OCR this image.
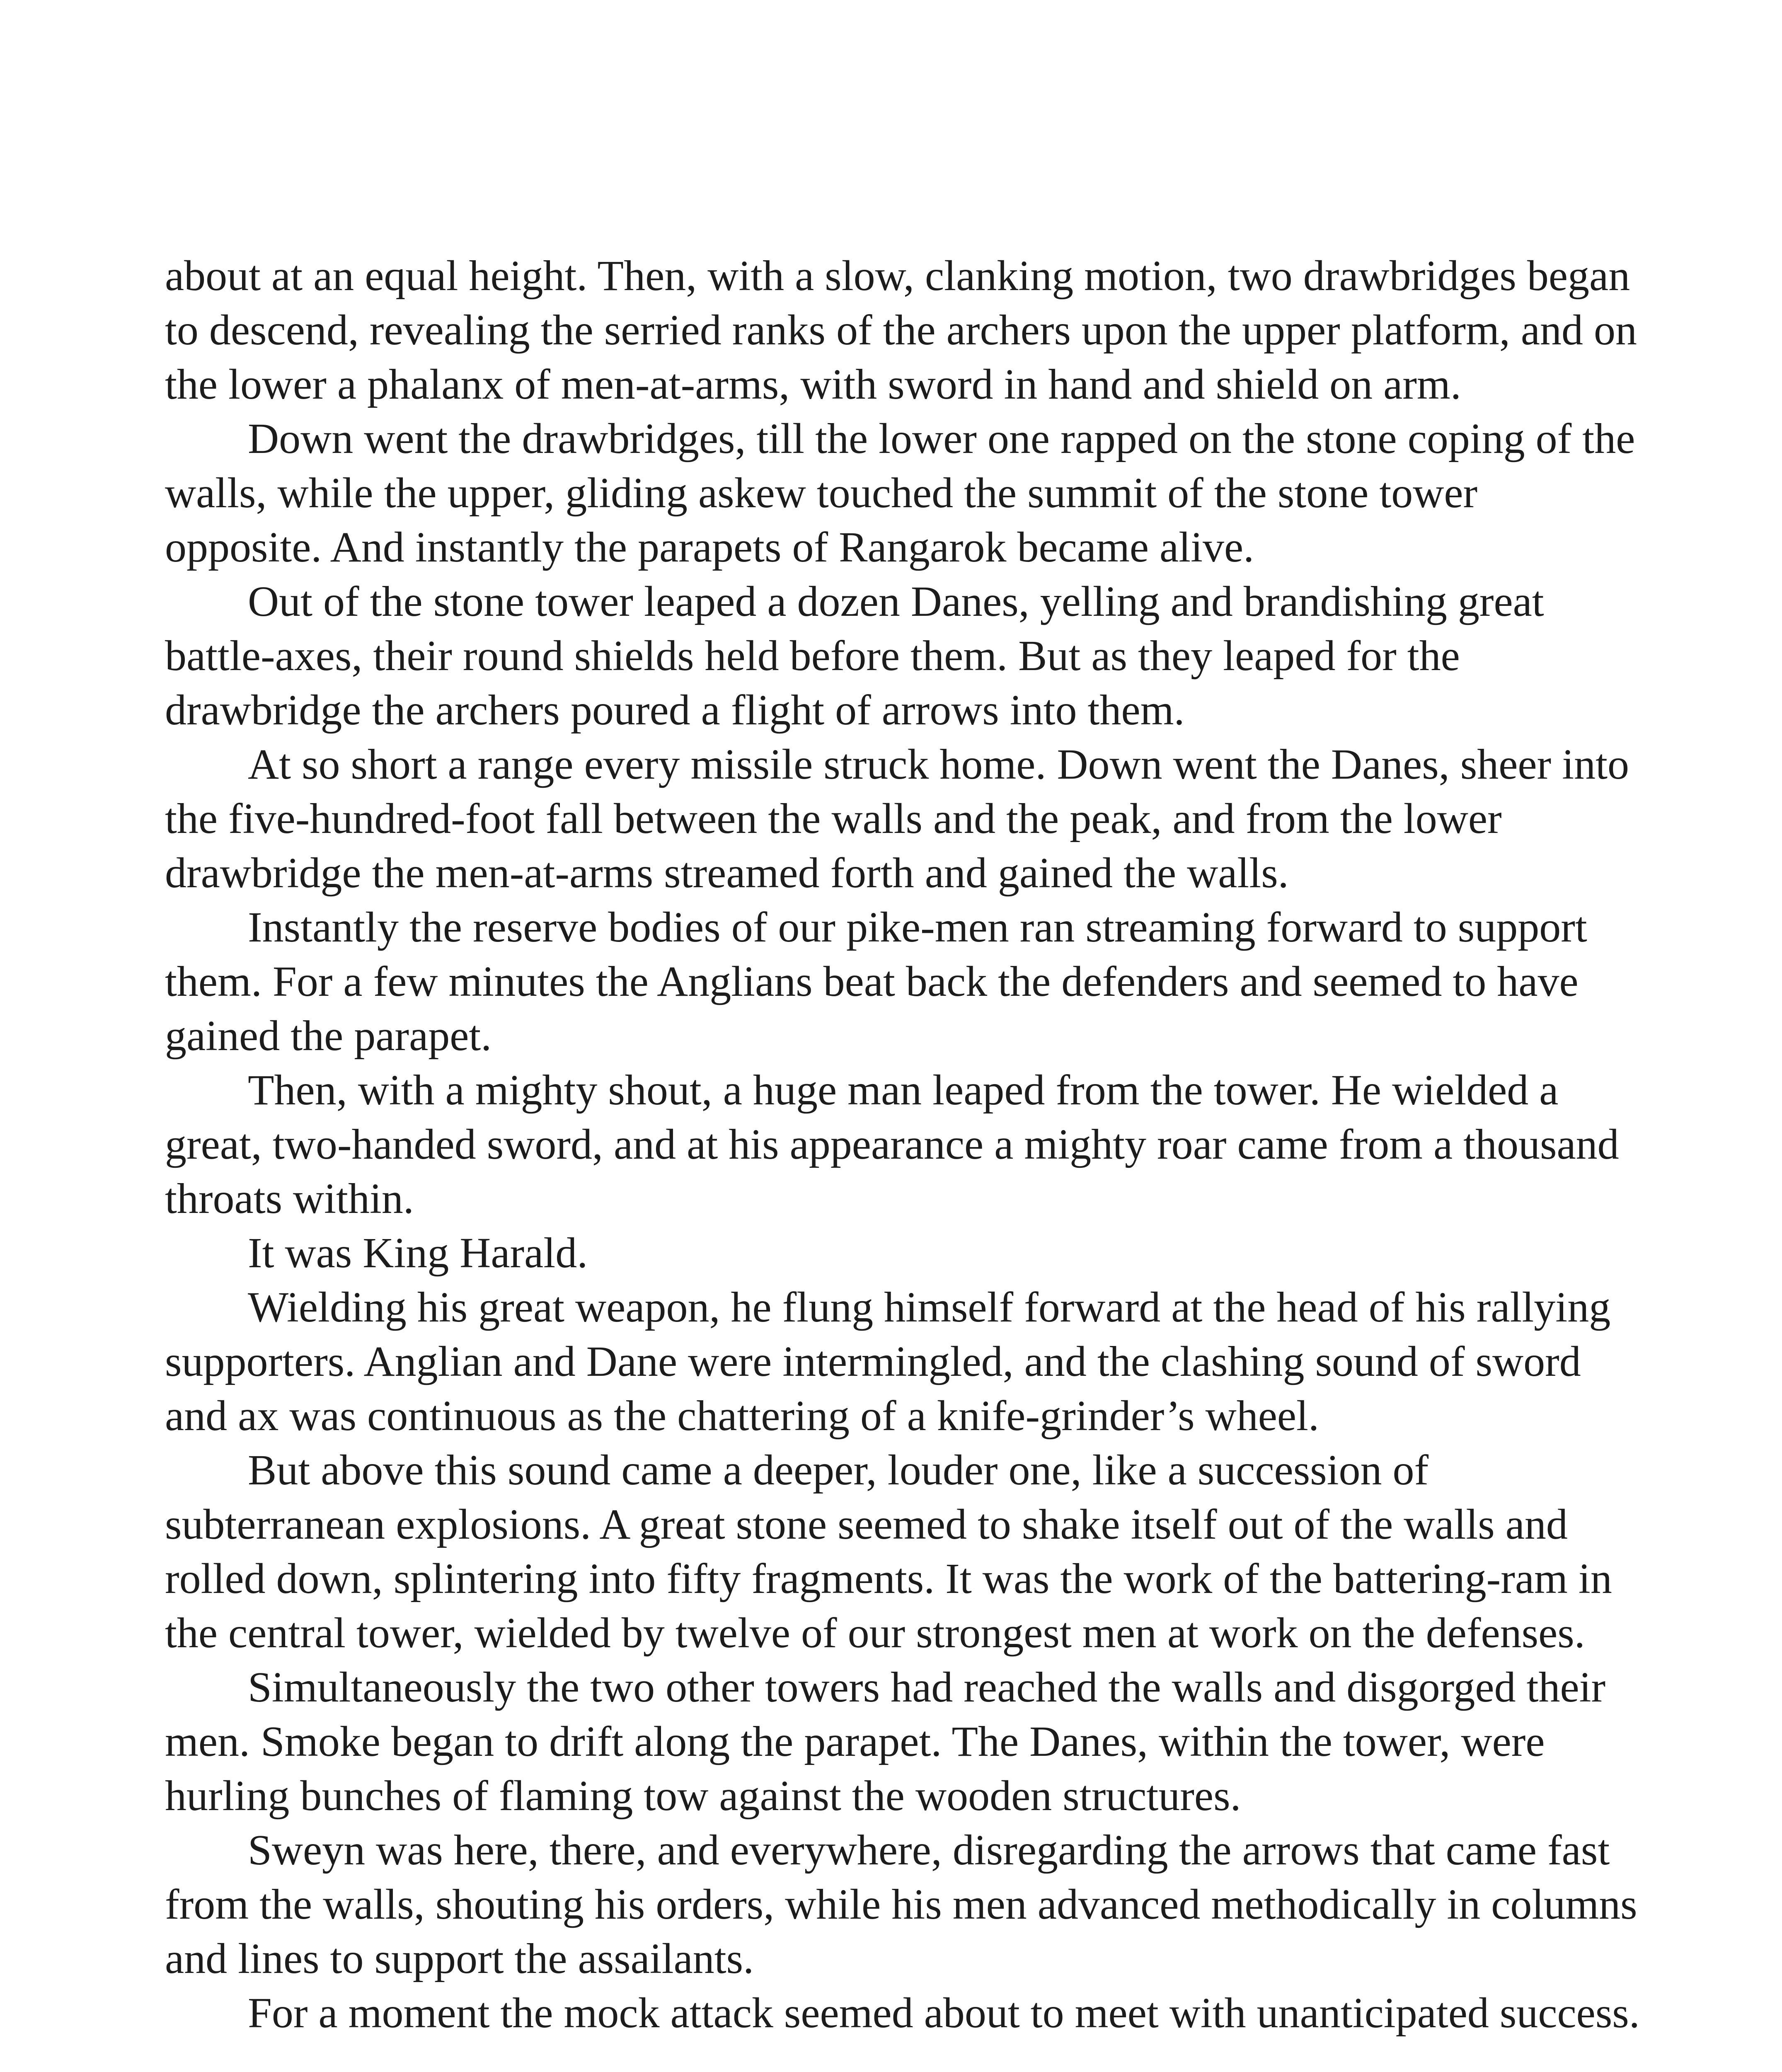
about at an equal height. Then, with a slow, clanking motion, two drawbridges began to descend, revealing the serried ranks of the archers upon the upper platform, and on the lower a phalanx of men-at-arms, with sword in hand and shield on arm.

Down went the drawbridges, till the lower one rapped on the stone coping of the walls, while the upper, gliding askew touched the summit of the stone tower opposite. And instantly the parapets of Rangarok became alive.

Out of the stone tower leaped a dozen Danes, yelling and brandishing great battle-axes, their round shields held before them. But as they leaped for the drawbridge the archers poured a flight of arrows into them.

At so short a range every missile struck home. Down went the Danes, sheer into the five-hundred-foot fall between the walls and the peak, and from the lower drawbridge the men-at-arms streamed forth and gained the walls.

Instantly the reserve bodies of our pike-men ran streaming forward to support them. For a few minutes the Anglians beat back the defenders and seemed to have gained the parapet.

Then, with a mighty shout, a huge man leaped from the tower. He wielded a great, two-handed sword, and at his appearance a mighty roar came from a thousand throats within.

It was King Harald.

Wielding his great weapon, he flung himself forward at the head of his rallying supporters. Anglian and Dane were intermingled, and the clashing sound of sword and ax was continuous as the chattering of a knife-grinder’s wheel.

But above this sound came a deeper, louder one, like a succession of subterranean explosions. A great stone seemed to shake itself out of the walls and rolled down, splintering into fifty fragments. It was the work of the battering-ram in the central tower, wielded by twelve of our strongest men at work on the defenses.

Simultaneously the two other towers had reached the walls and disgorged their men. Smoke began to drift along the parapet. The Danes, within the tower, were hurling bunches of flaming tow against the wooden structures.

Sweyn was here, there, and everywhere, disregarding the arrows that came fast from the walls, shouting his orders, while his men advanced methodically in columns and lines to support the assailants.

For a moment the mock attack seemed about to meet with unanticipated success.
